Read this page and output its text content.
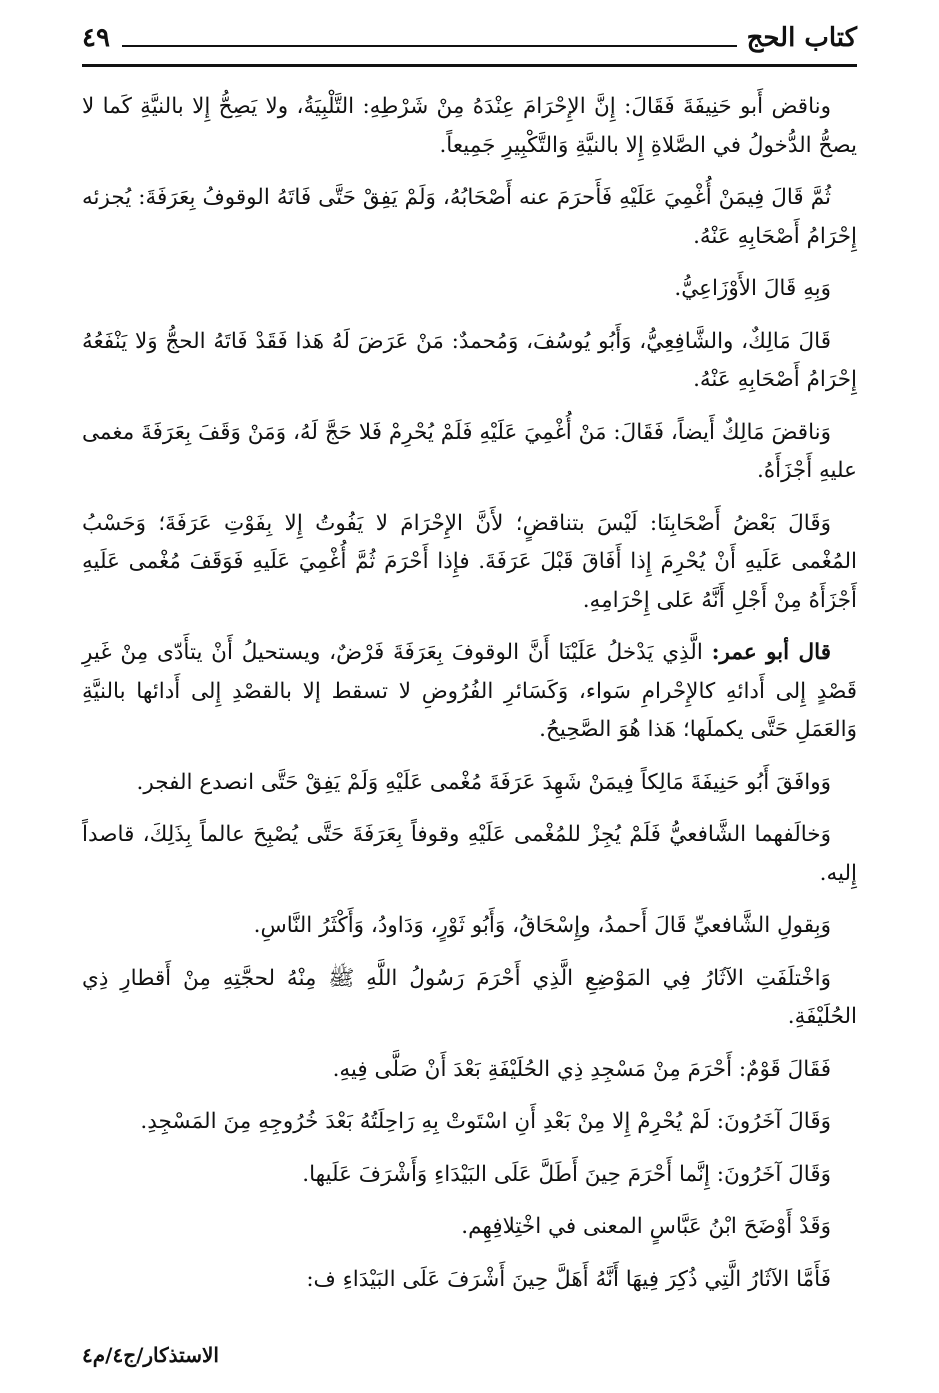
كتاب الحج
٤٩

وناقض أَبو حَنِيفَةَ فَقَالَ: إِنَّ الإِحْرَامَ عِنْدَهُ مِنْ شَرْطِهِ: التَّلْبِيَةُ، ولا يَصِحُّ إِلا بالنيَّةِ كَما لا يصحُّ الدُّخولُ في الصَّلاةِ إِلا بالنيَّةِ وَالتَّكْبِيرِ جَمِيعاً.

ثُمَّ قَالَ فِيمَنْ أُغْمِيَ عَلَيْهِ فَأَحرَمَ عنه أَصْحَابُهُ، وَلَمْ يَفِقْ حَتَّى فَاتَهُ الوقوفُ بِعَرَفَةَ: يُجزئه إِحْرَامُ أَصْحَابِهِ عَنْهُ.

وَبِهِ قَالَ الأَوْزَاعِيُّ.

قَالَ مَالِكٌ، والشَّافِعِيُّ، وَأَبُو يُوسُفَ، وَمُحمدٌ: مَنْ عَرَضَ لَهُ هَذا فَقَدْ فَاتَهُ الحجُّ وَلا يَنْفَعُهُ إِحْرَامُ أَصْحَابِهِ عَنْهُ.

وَناقضَ مَالِكٌ أَيضاً، فَقَالَ: مَنْ أُغْمِيَ عَلَيْهِ فَلَمْ يُحْرِمْ فَلا حَجَّ لَهُ، وَمَنْ وَقَفَ بِعَرَفَةَ مغمى عليهِ أَجْزَأَهُ.

وَقَالَ بَعْضُ أَصْحَابِنَا: لَيْسَ بتناقضٍ؛ لأَنَّ الإِحْرَامَ لا يَفُوتُ إِلا بِفَوْتِ عَرَفَةَ؛ وَحَسْبُ المُغْمى عَلَيهِ أَنْ يُحْرِمَ إِذا أَفَاقَ قَبْلَ عَرَفَةَ. فإِذا أَحْرَمَ ثُمَّ أُغْمِيَ عَلَيهِ فَوَقَفَ مُغْمى عَلَيهِ أَجْزَأَهُ مِنْ أَجْلِ أَنَّهُ عَلى إِحْرَامِهِ.

قال أبو عمر: الَّذِي يَدْخلُ عَلَيْنَا أَنَّ الوقوفَ بِعَرَفَةَ فَرْضٌ، ويستحيلُ أَنْ يتأَدّى مِنْ غَيرِ قَصْدٍ إِلى أَدائهِ كالإِحْرامِ سَواء، وَكَسَائرِ الفُرُوضِ لا تسقط إلا بالقصْدِ إِلى أَدائها بالنيَّةِ وَالعَمَلِ حَتَّى يكملَها؛ هَذا هُوَ الصَّحِيحُ.

وَوافَقَ أَبُو حَنِيفَةَ مَالِكاً فِيمَنْ شَهِدَ عَرَفَةَ مُغْمى عَلَيْهِ وَلَمْ يَفِقْ حَتَّى انصدع الفجر.

وَخالَفهما الشَّافعيُّ فَلَمْ يُجِزْ للمُغْمى عَلَيْهِ وقوفاً بِعَرَفَةَ حَتَّى يُصْبِحَ عالماً بِذَلِكَ، قاصداً إِليه.

وَبِقولِ الشَّافعيِّ قَالَ أَحمدُ، وإِسْحَاقُ، وَأَبُو ثَوْرٍ، وَدَاودُ، وَأَكْثَرُ النَّاسِ.

وَاخْتلَفَتِ الآثَارُ فِي المَوْضِعِ الَّذِي أَحْرَمَ رَسُولُ اللَّهِ ﷺ مِنْهُ لحجَّتِهِ مِنْ أَقطارِ ذِي الحُلَيْفَةِ.

فَقَالَ قَوْمٌ: أَحْرَمَ مِنْ مَسْجِدِ ذِي الحُلَيْفَةِ بَعْدَ أَنْ صَلَّى فِيهِ.

وَقَالَ آخَرُونَ: لَمْ يُحْرِمْ إِلا مِنْ بَعْدِ أَنِ اسْتَوتْ بِهِ رَاحِلَتُهُ بَعْدَ خُرُوجِهِ مِنَ المَسْجِدِ.

وَقَالَ آخَرُونَ: إِنَّما أَحْرَمَ حِينَ أَطَلَّ عَلَى البَيْدَاءِ وَأَشْرَفَ عَلَيها.

وَقَدْ أَوْضَحَ ابْنُ عَبَّاسٍ المعنى في اخْتِلافِهِم.

فَأَمَّا الآثَارُ الَّتِي ذُكِرَ فِيهَا أَنَّهُ أَهَلَّ حِينَ أَشْرَفَ عَلَى البَيْدَاءِ ف:

الاستذكار/ج٤/م٤
